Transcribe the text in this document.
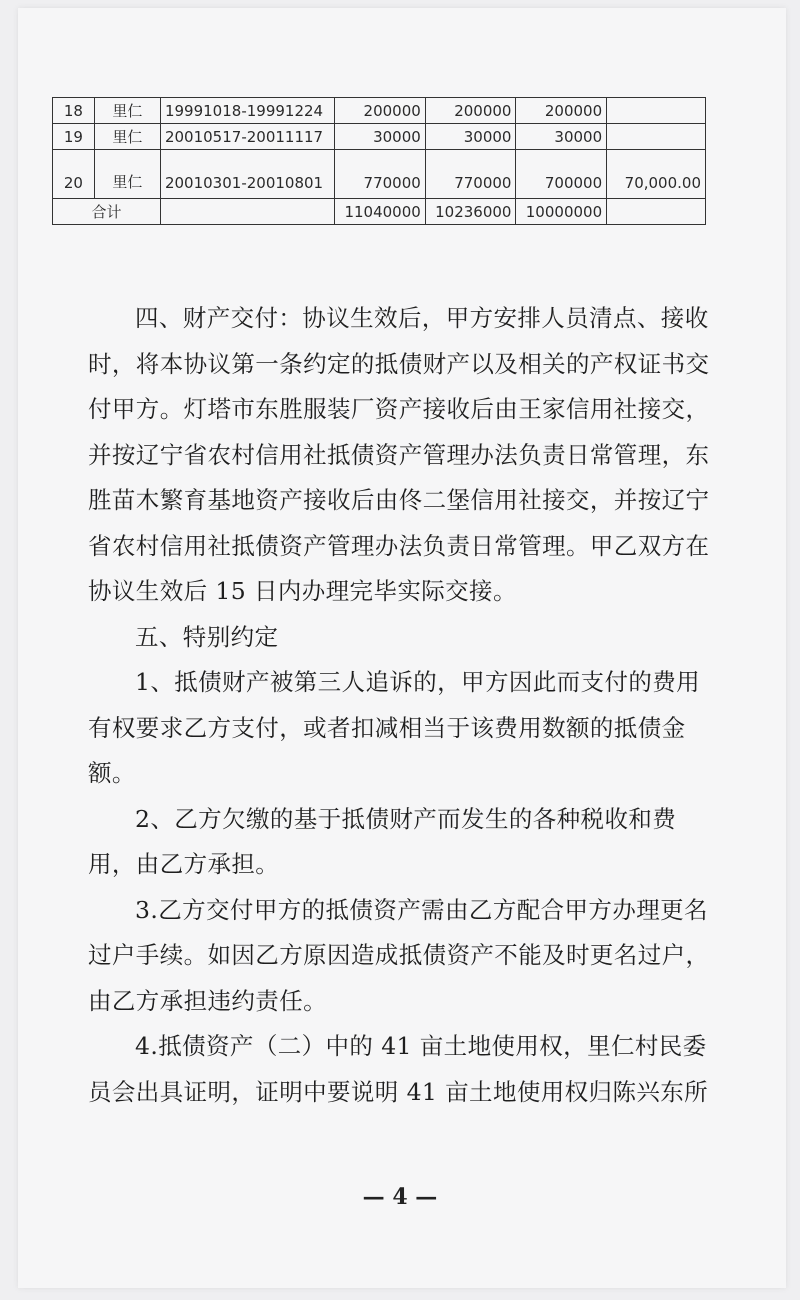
18	里仁	19991018-19991224	200000	200000	200000	
19	里仁	20010517-20011117	30000	30000	30000	
20	里仁	20010301-20010801	770000	770000	700000	70,000.00
合计			11040000	10236000	10000000	

四、财产交付：协议生效后，甲方安排人员清点、接收时，将本协议第一条约定的抵债财产以及相关的产权证书交付甲方。灯塔市东胜服装厂资产接收后由王家信用社接交，并按辽宁省农村信用社抵债资产管理办法负责日常管理，东胜苗木繁育基地资产接收后由佟二堡信用社接交，并按辽宁省农村信用社抵债资产管理办法负责日常管理。甲乙双方在协议生效后 15 日内办理完毕实际交接。

五、特别约定

1、抵债财产被第三人追诉的，甲方因此而支付的费用有权要求乙方支付，或者扣减相当于该费用数额的抵债金额。

2、乙方欠缴的基于抵债财产而发生的各种税收和费用，由乙方承担。

3.乙方交付甲方的抵债资产需由乙方配合甲方办理更名过户手续。如因乙方原因造成抵债资产不能及时更名过户，由乙方承担违约责任。

4.抵债资产（二）中的 41 亩土地使用权，里仁村民委员会出具证明，证明中要说明 41 亩土地使用权归陈兴东所

— 4 —
